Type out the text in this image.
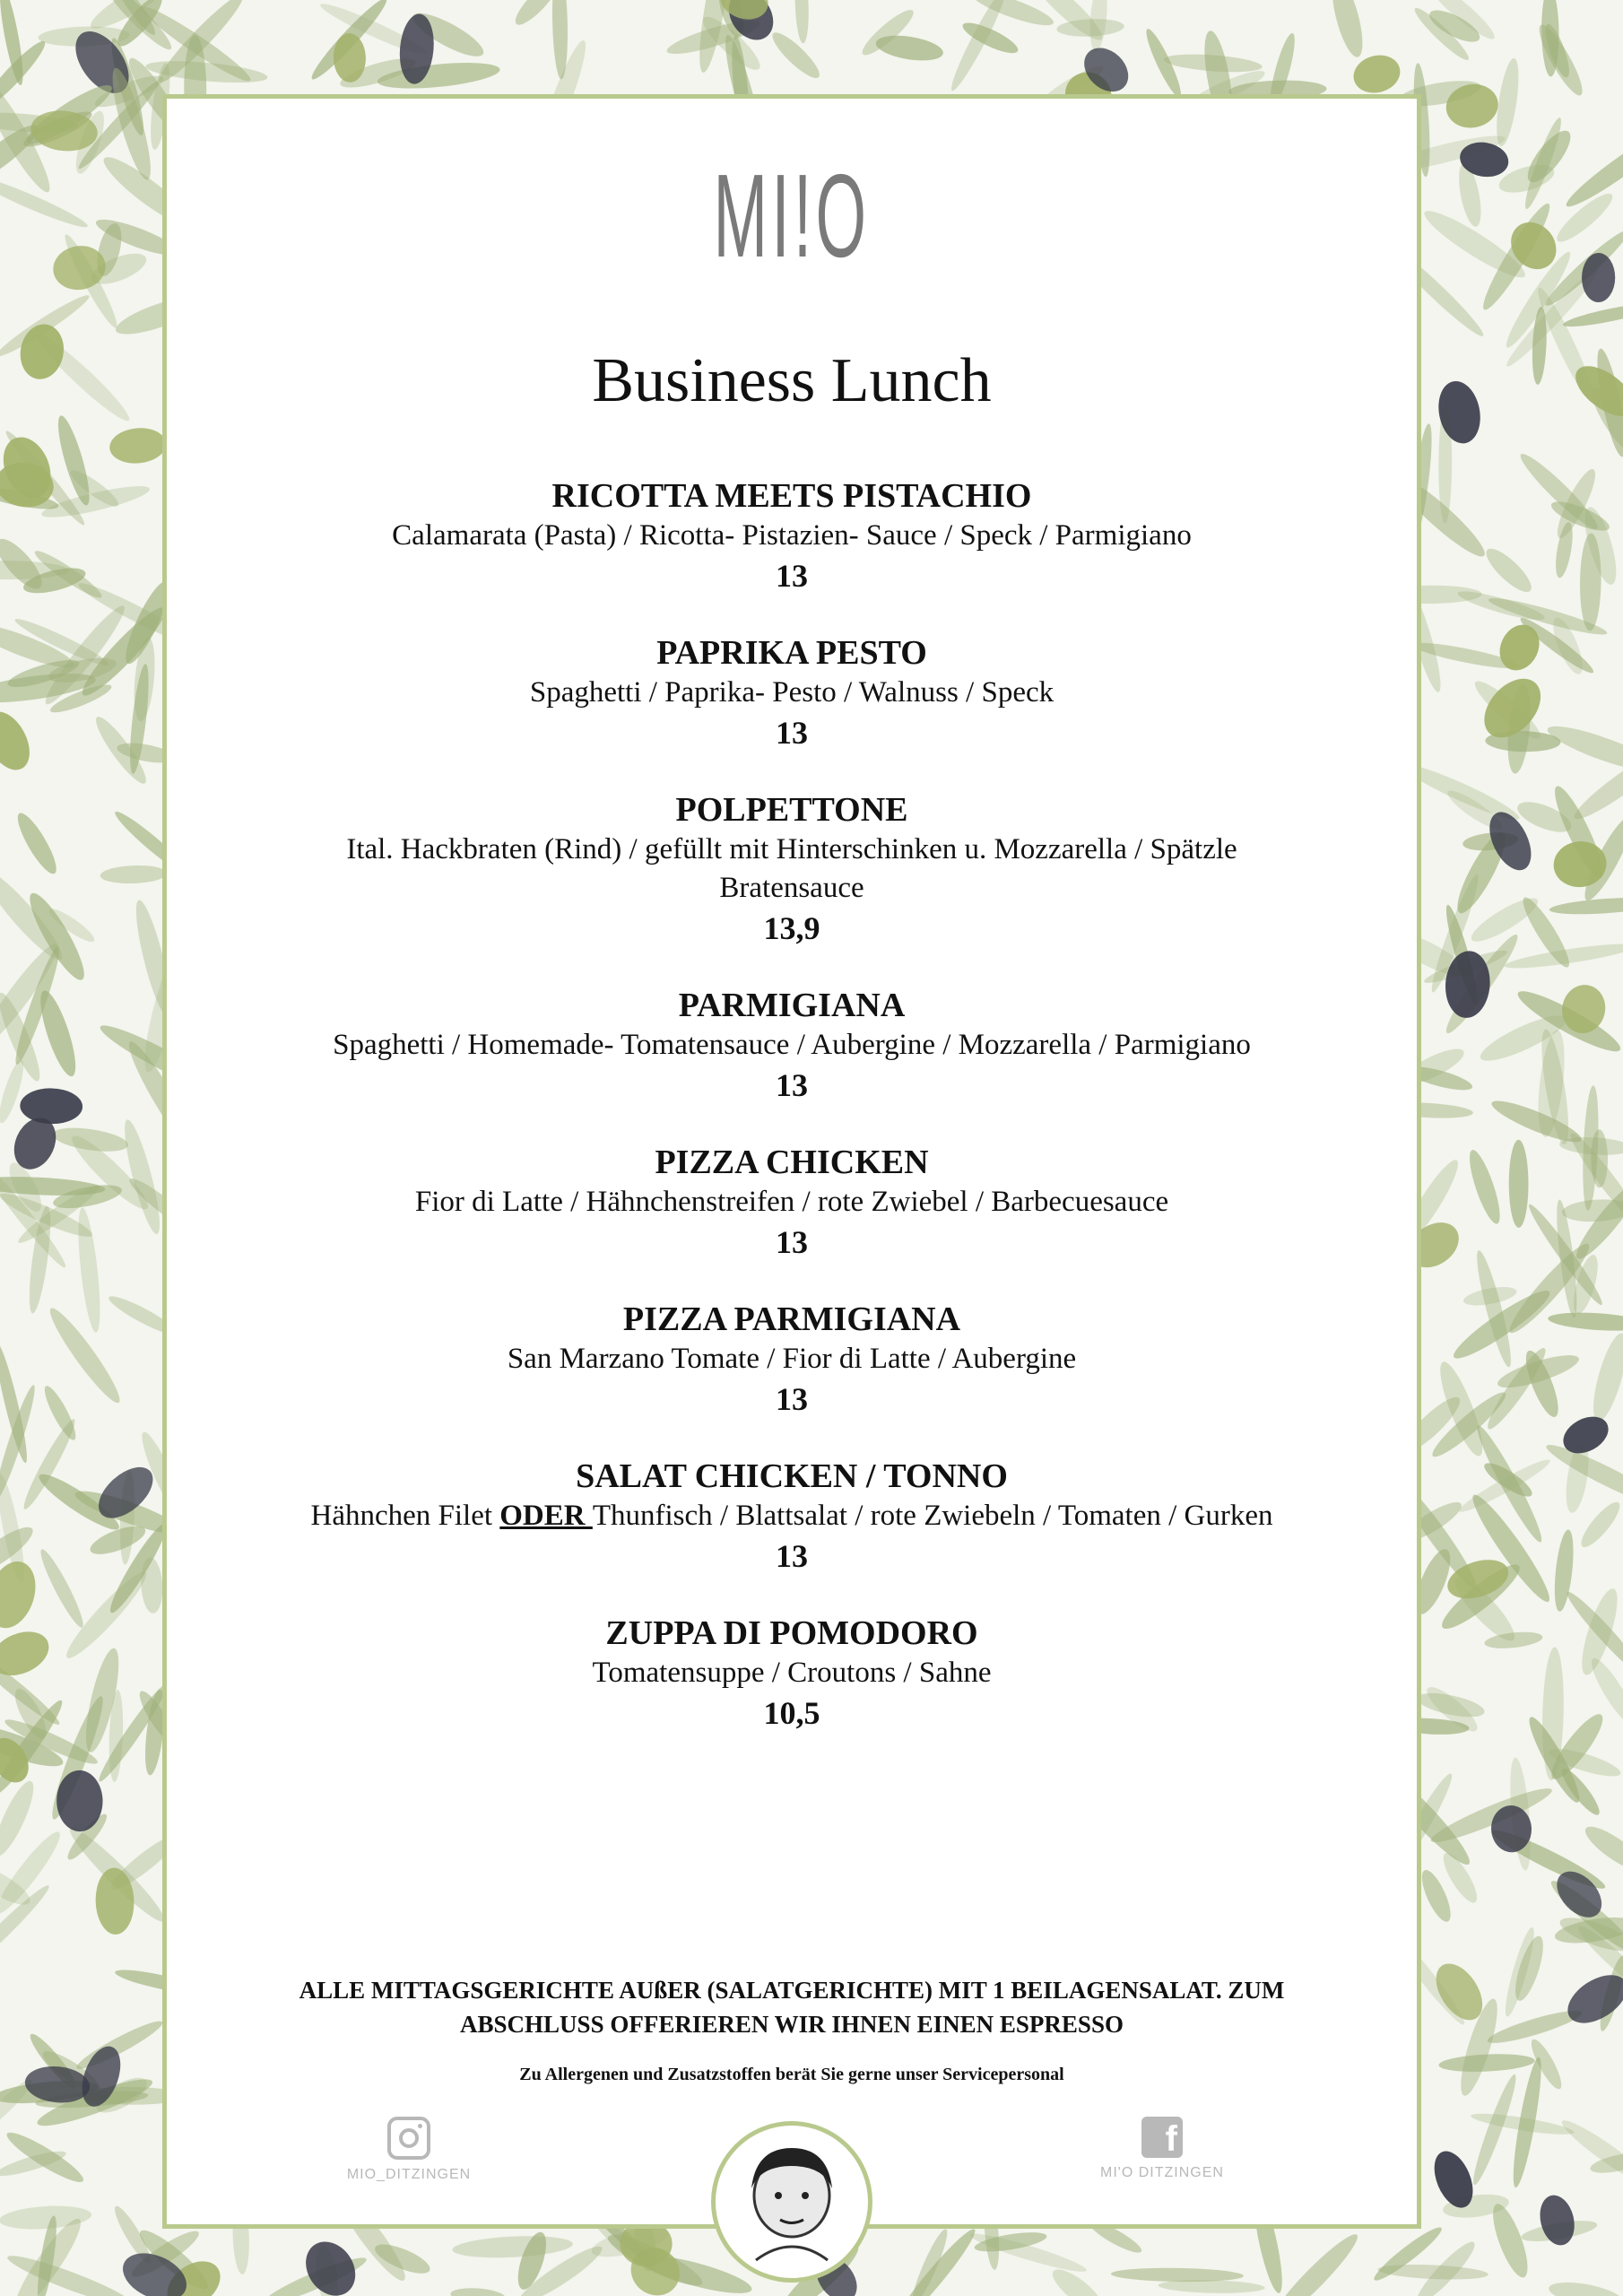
MI!O
Business Lunch
RICOTTA MEETS PISTACHIO
Calamarata (Pasta) / Ricotta- Pistazien- Sauce / Speck / Parmigiano
13
PAPRIKA PESTO
Spaghetti / Paprika- Pesto / Walnuss / Speck
13
POLPETTONE
Ital. Hackbraten (Rind) / gefüllt mit Hinterschinken u. Mozzarella / Spätzle
Bratensauce
13,9
PARMIGIANA
Spaghetti / Homemade- Tomatensauce / Aubergine / Mozzarella / Parmigiano
13
PIZZA CHICKEN
Fior di Latte / Hähnchenstreifen / rote Zwiebel / Barbecuesauce
13
PIZZA PARMIGIANA
San Marzano Tomate / Fior di Latte / Aubergine
13
SALAT CHICKEN / TONNO
Hähnchen Filet ODER Thunfisch / Blattsalat / rote Zwiebeln / Tomaten / Gurken
13
ZUPPA DI POMODORO
Tomatensuppe / Croutons / Sahne
10,5
ALLE MITTAGSGERICHTE AUßER (SALATGERICHTE) MIT 1 BEILAGENSALAT. ZUM
ABSCHLUSS OFFERIEREN WIR IHNEN EINEN ESPRESSO
Zu Allergenen und Zusatzstoffen berät Sie gerne unser Servicepersonal
MIO_DITZINGEN
f
MI'O DITZINGEN
